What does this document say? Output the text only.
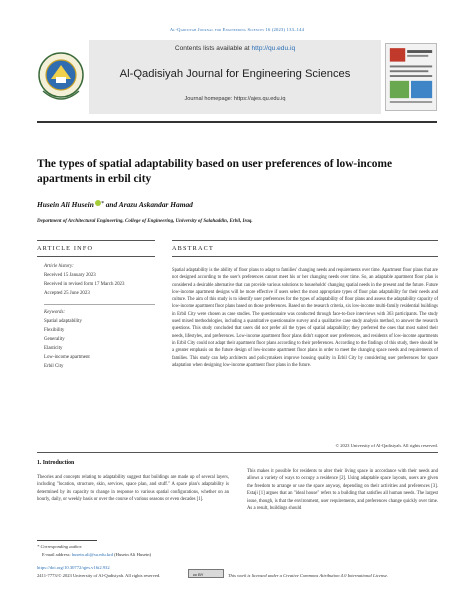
Al-Qadisiyah Journal for Engineering Sciences 16 (2023) 133–144
Contents lists available at http://qu.edu.iq
Al-Qadisiyah Journal for Engineering Sciences
Journal homepage: https://ajes.qu.edu.iq
The types of spatial adaptability based on user preferences of low-income apartments in erbil city
Husein Ali Husein * and Arazu Askandar Hamad
Department of Architectural Engineering, College of Engineering, University of Salahaddin, Erbil, Iraq.
ARTICLE INFO
Article history:
Received 15 January 2023
Received in revised form 17 March 2023
Accepted 25 June 2023
Keywords:
Spatial adaptability
Flexibility
Generality
Elasticity
Low-income apartment
Erbil City
ABSTRACT
Spatial adaptability is the ability of floor plans to adapt to families' changing needs and requirements over time. Apartment floor plans that are not designed according to the user's preferences cannot meet his or her changing needs over time. So, an adaptable apartment floor plan is considered a desirable alternative that can provide various solutions to households' changing spatial needs in the present and the future. Future low-income apartment designs will be more effective if users select the most appropriate types of floor plan adaptability for their needs and culture. The aim of this study is to identify user preferences for the types of adaptability of floor plans and assess the adaptability capacity of low-income apartment floor plans based on those preferences. Based on the research criteria, six low-income multi-family residential buildings in Erbil City were chosen as case studies. The questionnaire was conducted through face-to-face interviews with 363 participants. The study used mixed methodologies, including a quantitative questionnaire survey and a qualitative case study analysis method, to answer the research questions. This study concluded that users did not prefer all the types of spatial adaptability; they preferred the ones that most suited their needs, lifestyles, and preferences. Low-income apartment floor plans didn't support user preferences, and residents of low-income apartments in Erbil City could not adapt their apartment floor plans according to their preferences. According to the findings of this study, there should be a greater emphasis on the future design of low-income apartment floor plans in order to meet the changing space needs and requirements of families. This study can help architects and policymakers improve housing quality in Erbil City by considering user preferences for space adaptation when designing low-income apartment floor plans in the future.
© 2023 University of Al-Qadisiyah. All rights reserved.
1. Introduction
Theories and concepts relating to adaptability suggest that buildings are made up of several layers, including "location, structure, skin, services, space plan, and stuff." A space plan's adaptability is determined by its capacity to change in response to various spatial configurations, whether on an hourly, daily, or weekly basis or over the course of various seasons or even decades [1].
This makes it possible for residents to alter their living space in accordance with their needs and allows a variety of ways to occupy a residence [2]. Using adaptable space layouts, users are given the freedom to arrange or use the space anyway, depending on their activities and preferences [3]. Estaji [1] argues that an "ideal house" refers to a building that satisfies all human needs. The largest issue, though, is that the environment, user requirements, and preferences change quickly over time. As a result, buildings should
* Corresponding author.
E-mail address: husein.ali@su.edu.krd (Husein Ali Husein)
https://doi.org/10.30772/qjes.v16i2.932
2411-7773/© 2023 University of Al-Qadisiyah. All rights reserved.	cc BY	This work is licensed under a Creative Commons Attribution 4.0 International License.
